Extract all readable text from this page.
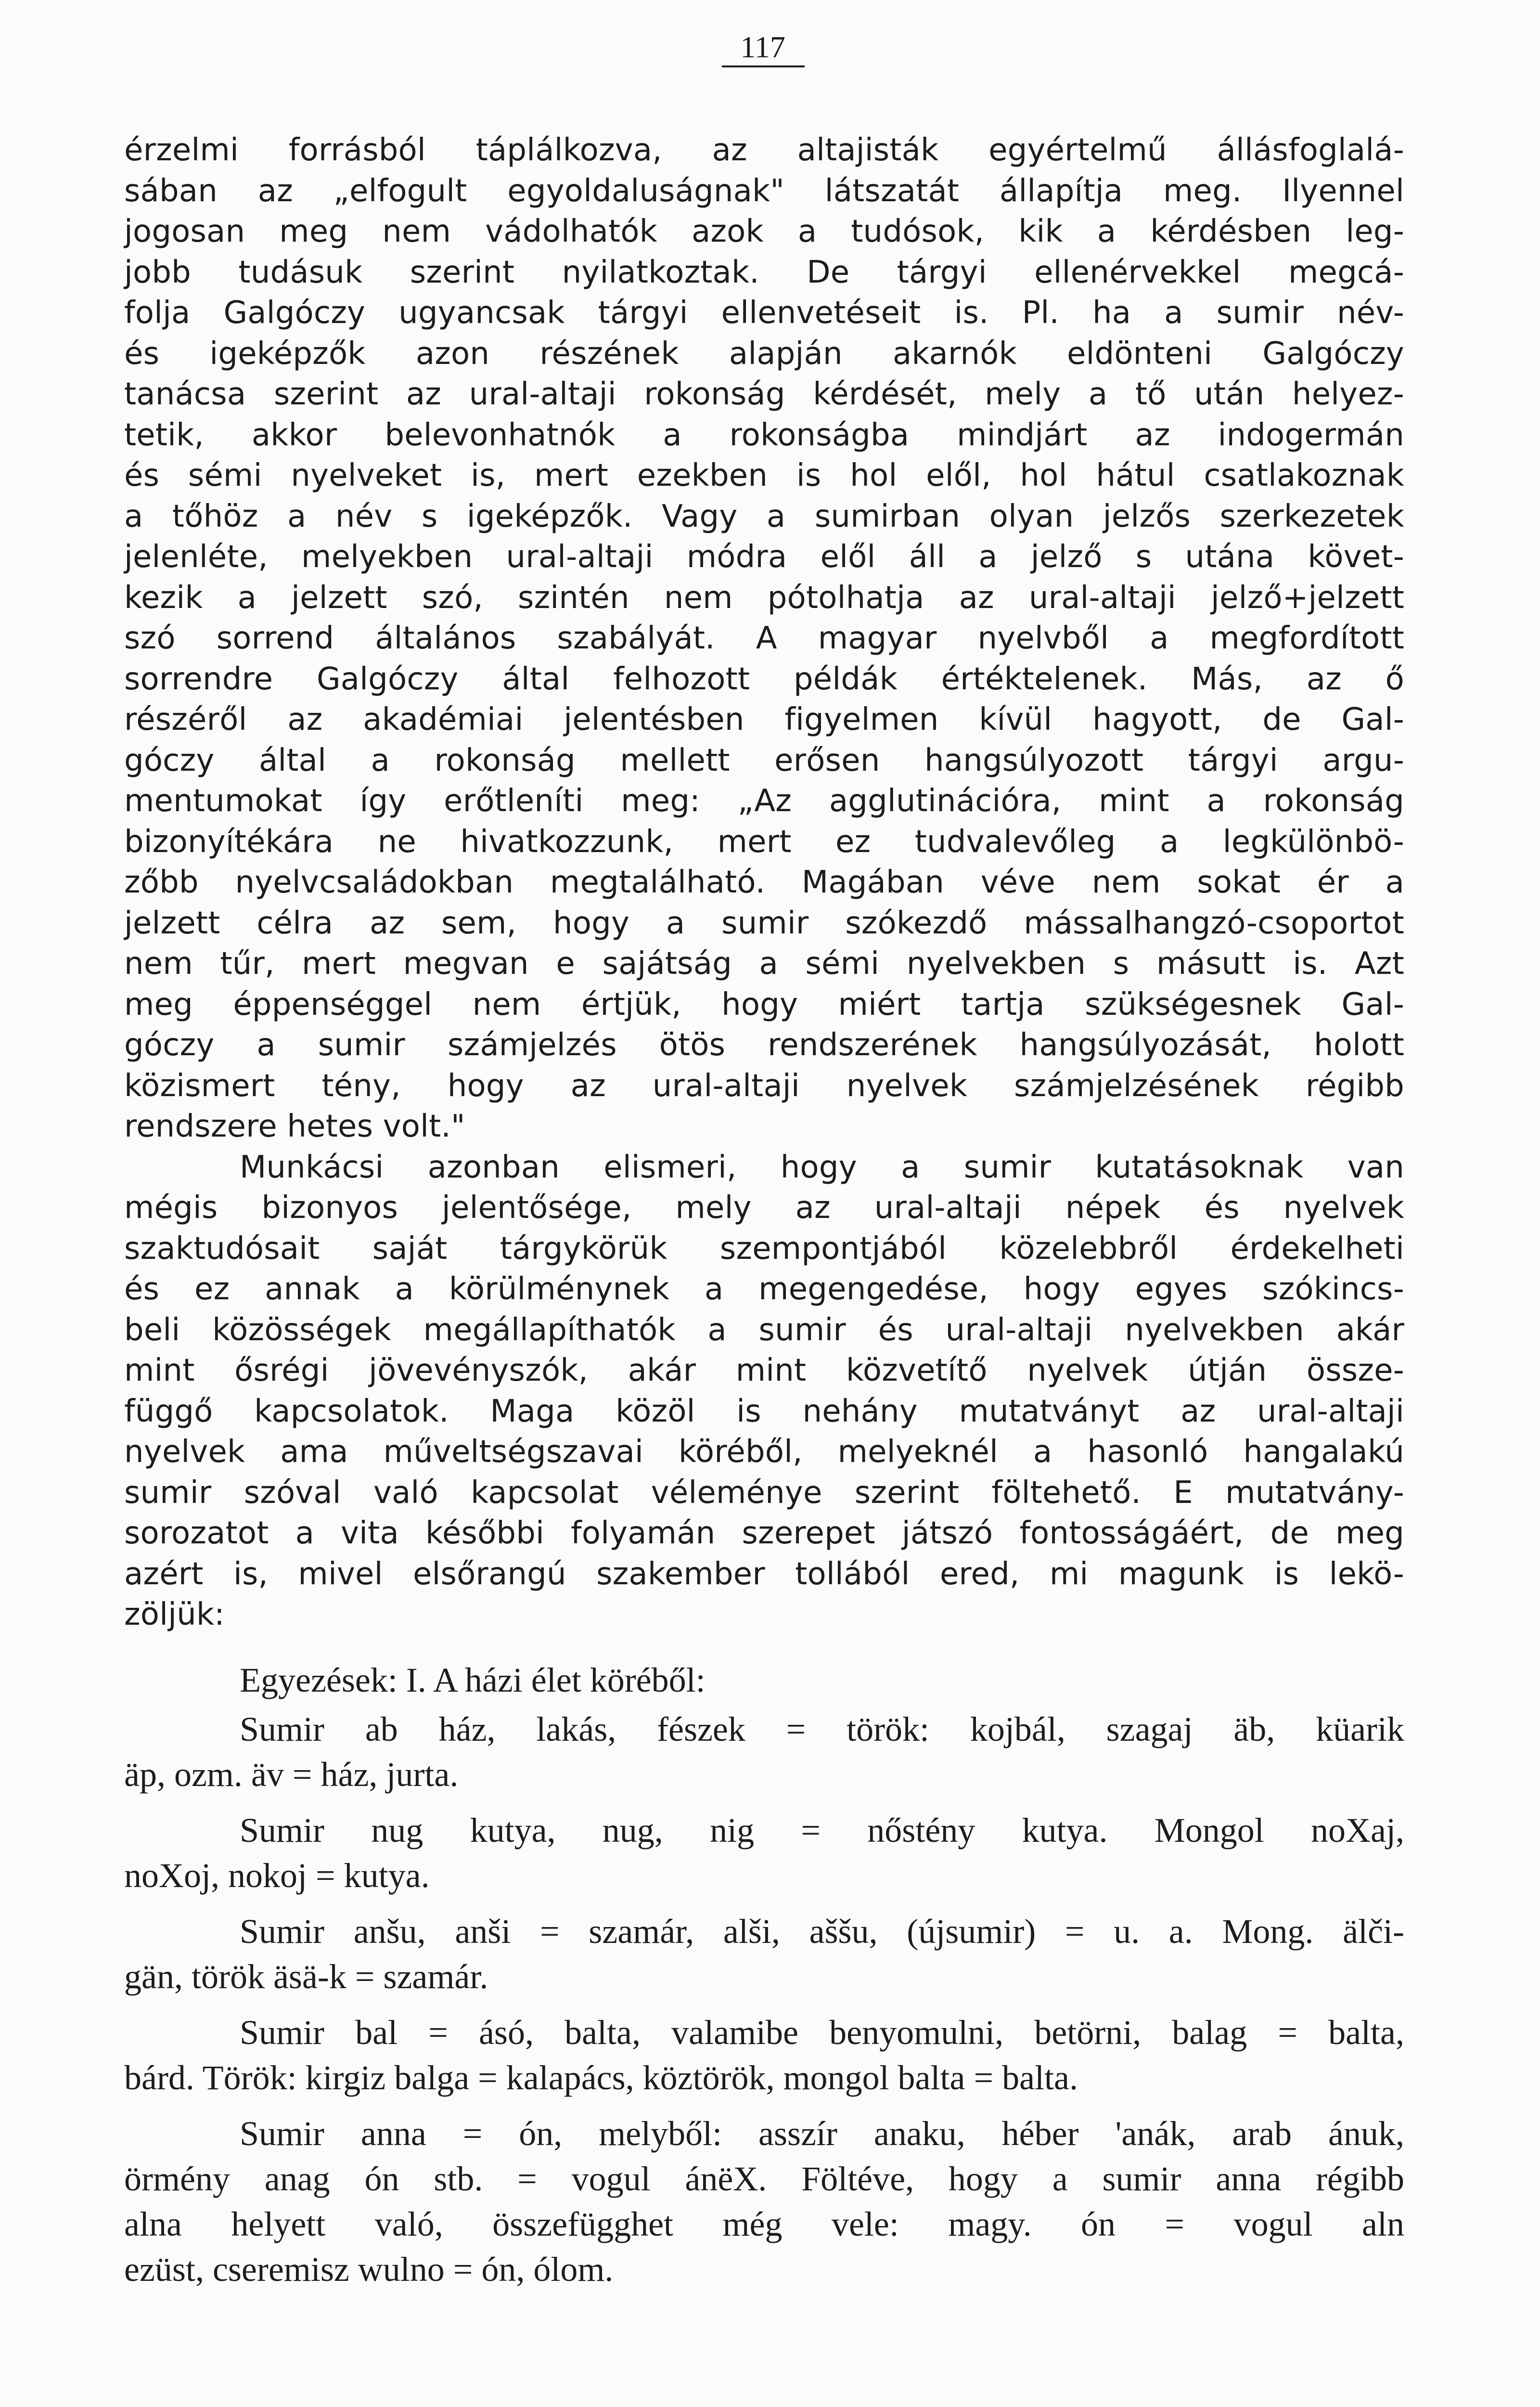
117
érzelmi forrásból táplálkozva, az altajisták egyértelmű állásfoglalá-
sában az „elfogult egyoldaluságnak" látszatát állapítja meg. Ilyennel
jogosan meg nem vádolhatók azok a tudósok, kik a kérdésben leg-
jobb tudásuk szerint nyilatkoztak. De tárgyi ellenérvekkel megcá-
folja Galgóczy ugyancsak tárgyi ellenvetéseit is. Pl. ha a sumir név-
és igeképzők azon részének alapján akarnók eldönteni Galgóczy
tanácsa szerint az ural-altaji rokonság kérdését, mely a tő után helyez-
tetik, akkor belevonhatnók a rokonságba mindjárt az indogermán
és sémi nyelveket is, mert ezekben is hol elől, hol hátul csatlakoznak
a tőhöz a név s igeképzők. Vagy a sumirban olyan jelzős szerkezetek
jelenléte, melyekben ural-altaji módra elől áll a jelző s utána követ-
kezik a jelzett szó, szintén nem pótolhatja az ural-altaji jelző+jelzett
szó sorrend általános szabályát. A magyar nyelvből a megfordított
sorrendre Galgóczy által felhozott példák értéktelenek. Más, az ő
részéről az akadémiai jelentésben figyelmen kívül hagyott, de Gal-
góczy által a rokonság mellett erősen hangsúlyozott tárgyi argu-
mentumokat így erőtleníti meg: „Az agglutinációra, mint a rokonság
bizonyítékára ne hivatkozzunk, mert ez tudvalevőleg a legkülönbö-
zőbb nyelvcsaládokban megtalálható. Magában véve nem sokat ér a
jelzett célra az sem, hogy a sumir szókezdő mássalhangzó-csoportot
nem tűr, mert megvan e sajátság a sémi nyelvekben s másutt is. Azt
meg éppenséggel nem értjük, hogy miért tartja szükségesnek Gal-
góczy a sumir számjelzés ötös rendszerének hangsúlyozását, holott
közismert tény, hogy az ural-altaji nyelvek számjelzésének régibb
rendszere hetes volt."
Munkácsi azonban elismeri, hogy a sumir kutatásoknak van
mégis bizonyos jelentősége, mely az ural-altaji népek és nyelvek
szaktudósait saját tárgykörük szempontjából közelebbről érdekelheti
és ez annak a körülménynek a megengedése, hogy egyes szókincs-
beli közösségek megállapíthatók a sumir és ural-altaji nyelvekben akár
mint ősrégi jövevényszók, akár mint közvetítő nyelvek útján össze-
függő kapcsolatok. Maga közöl is nehány mutatványt az ural-altaji
nyelvek ama műveltségszavai köréből, melyeknél a hasonló hangalakú
sumir szóval való kapcsolat véleménye szerint föltehető. E mutatvány-
sorozatot a vita későbbi folyamán szerepet játszó fontosságáért, de meg
azért is, mivel elsőrangú szakember tollából ered, mi magunk is lekö-
zöljük:
Egyezések: I. A házi élet köréből:
Sumir ab ház, lakás, fészek = török: kojbál, szagaj äb, küarik
äp, ozm. äv = ház, jurta.
Sumir nug kutya, nug, nig = nőstény kutya. Mongol noXaj,
noXoj, nokoj = kutya.
Sumir anšu, anši = szamár, alši, aššu, (újsumir) = u. a. Mong. älči-
gän, török äsä-k = szamár.
Sumir bal = ásó, balta, valamibe benyomulni, betörni, balag = balta,
bárd. Török: kirgiz balga = kalapács, köztörök, mongol balta = balta.
Sumir anna = ón, melyből: asszír anaku, héber 'anák, arab ánuk,
örmény anag ón stb. = vogul ánëX. Föltéve, hogy a sumir anna régibb
alna helyett való, összefügghet még vele: magy. ón = vogul aln
ezüst, cseremisz wulno = ón, ólom.
